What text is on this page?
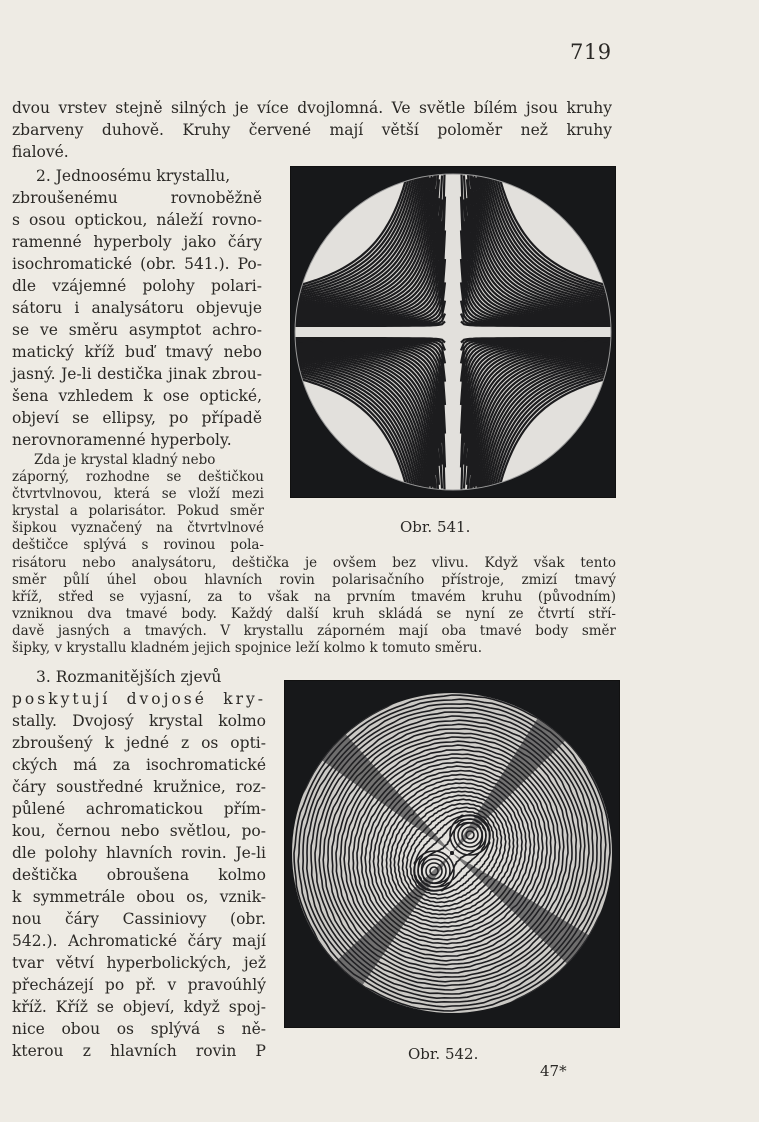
719
dvou vrstev stejně silných je více dvojlomná. Ve světle bílém jsou kruhy
zbarveny duhově. Kruhy červené mají větší poloměr než kruhy
fialové.
2. Jednoosému krystallu,
zbroušenému rovnoběžně
s osou optickou, náleží rovno-
ramenné hyperboly jako čáry
isochromatické (obr. 541.). Po-
dle vzájemné polohy polari-
sátoru i analysátoru objevuje
se ve směru asymptot achro-
matický kříž buď tmavý nebo
jasný. Je-li destička jinak zbrou-
šena vzhledem k ose optické,
objeví se ellipsy, po případě
nerovnoramenné hyperboly.
Obr. 541.
Zda je krystal kladný nebo
záporný, rozhodne se deštičkou
čtvrtvlnovou, která se vloží mezi
krystal a polarisátor. Pokud směr
šipkou vyznačený na čtvrtvlnové
deštičce splývá s rovinou pola-
risátoru nebo analysátoru, deštička je ovšem bez vlivu. Když však tento
směr půlí úhel obou hlavních rovin polarisačního přístroje, zmizí tmavý
kříž, střed se vyjasní, za to však na prvním tmavém kruhu (původním)
vzniknou dva tmavé body. Každý další kruh skládá se nyní ze čtvrtí stří-
davě jasných a tmavých. V krystallu záporném mají oba tmavé body směr
šipky, v krystallu kladném jejich spojnice leží kolmo k tomuto směru.
3. Rozmanitějších zjevů
poskytují dvojosé kry-
stally. Dvojosý krystal kolmo
zbroušený k jedné z os opti-
ckých má za isochromatické
čáry soustředné kružnice, roz-
půlené achromatickou přím-
kou, černou nebo světlou, po-
dle polohy hlavních rovin. Je-li
deštička obroušena kolmo
k symmetrále obou os, vznik-
nou čáry Cassiniovy (obr.
542.). Achromatické čáry mají
tvar větví hyperbolických, jež
přecházejí po př. v pravoúhlý
kříž. Kříž se objeví, když spoj-
nice obou os splývá s ně-
kterou z hlavních rovin P	Obr. 542.
47*
